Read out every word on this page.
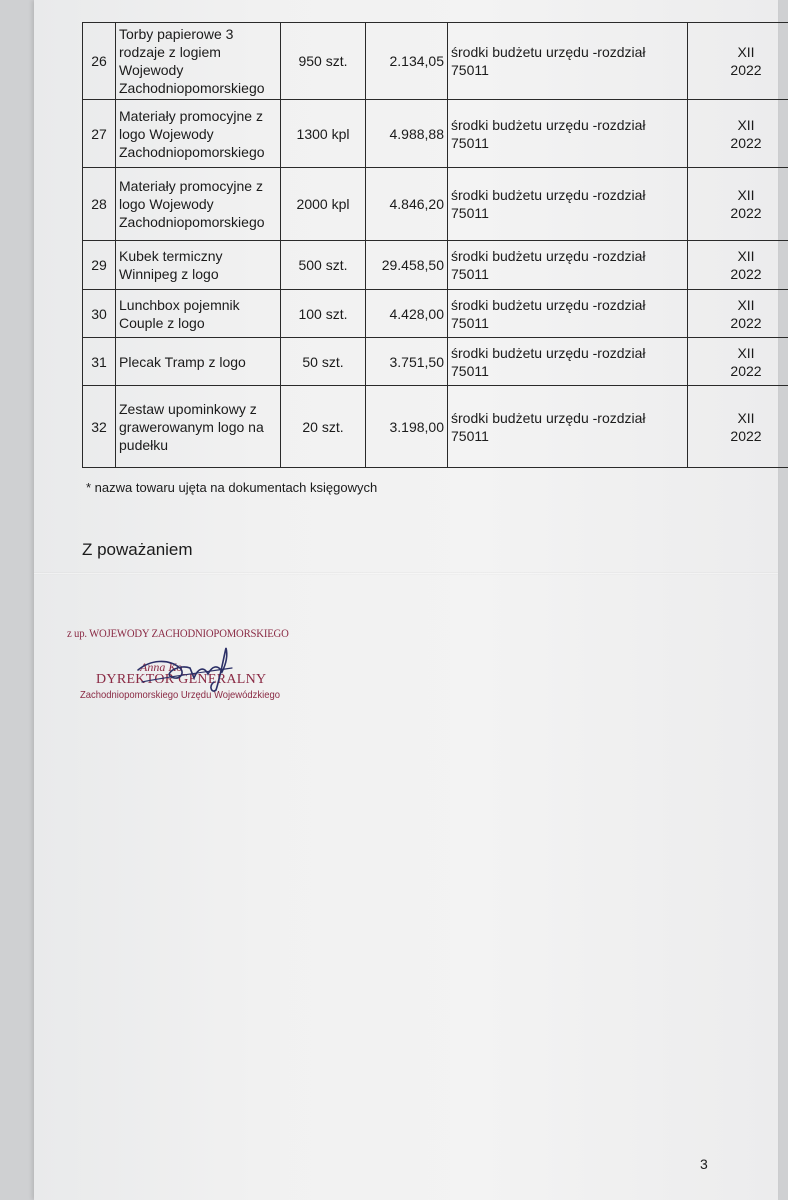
26	Torby papierowe 3 rodzaje z logiem Wojewody Zachodniopomorskiego	950 szt.	2.134,05	środki budżetu urzędu -rozdział 75011	XII
2022

27	Materiały promocyjne z logo Wojewody Zachodniopomorskiego	1300 kpl	4.988,88	środki budżetu urzędu -rozdział 75011	XII
2022

28	Materiały promocyjne z logo Wojewody Zachodniopomorskiego	2000 kpl	4.846,20	środki budżetu urzędu -rozdział 75011	XII
2022

29	Kubek termiczny Winnipeg z logo	500 szt.	29.458,50	środki budżetu urzędu -rozdział 75011	XII
2022

30	Lunchbox pojemnik Couple z logo	100 szt.	4.428,00	środki budżetu urzędu -rozdział 75011	XII
2022

31	Plecak Tramp z logo	50 szt.	3.751,50	środki budżetu urzędu -rozdział 75011	XII
2022

32	Zestaw upominkowy z grawerowanym logo na pudełku	20 szt.	3.198,00	środki budżetu urzędu -rozdział 75011	XII
2022
* nazwa towaru ujęta na dokumentach księgowych
Z poważaniem
z up. WOJEWODY ZACHODNIOPOMORSKIEGO
Anna Ko
DYREKTOR GENERALNY
Zachodniopomorskiego Urzędu Wojewódzkiego
3
